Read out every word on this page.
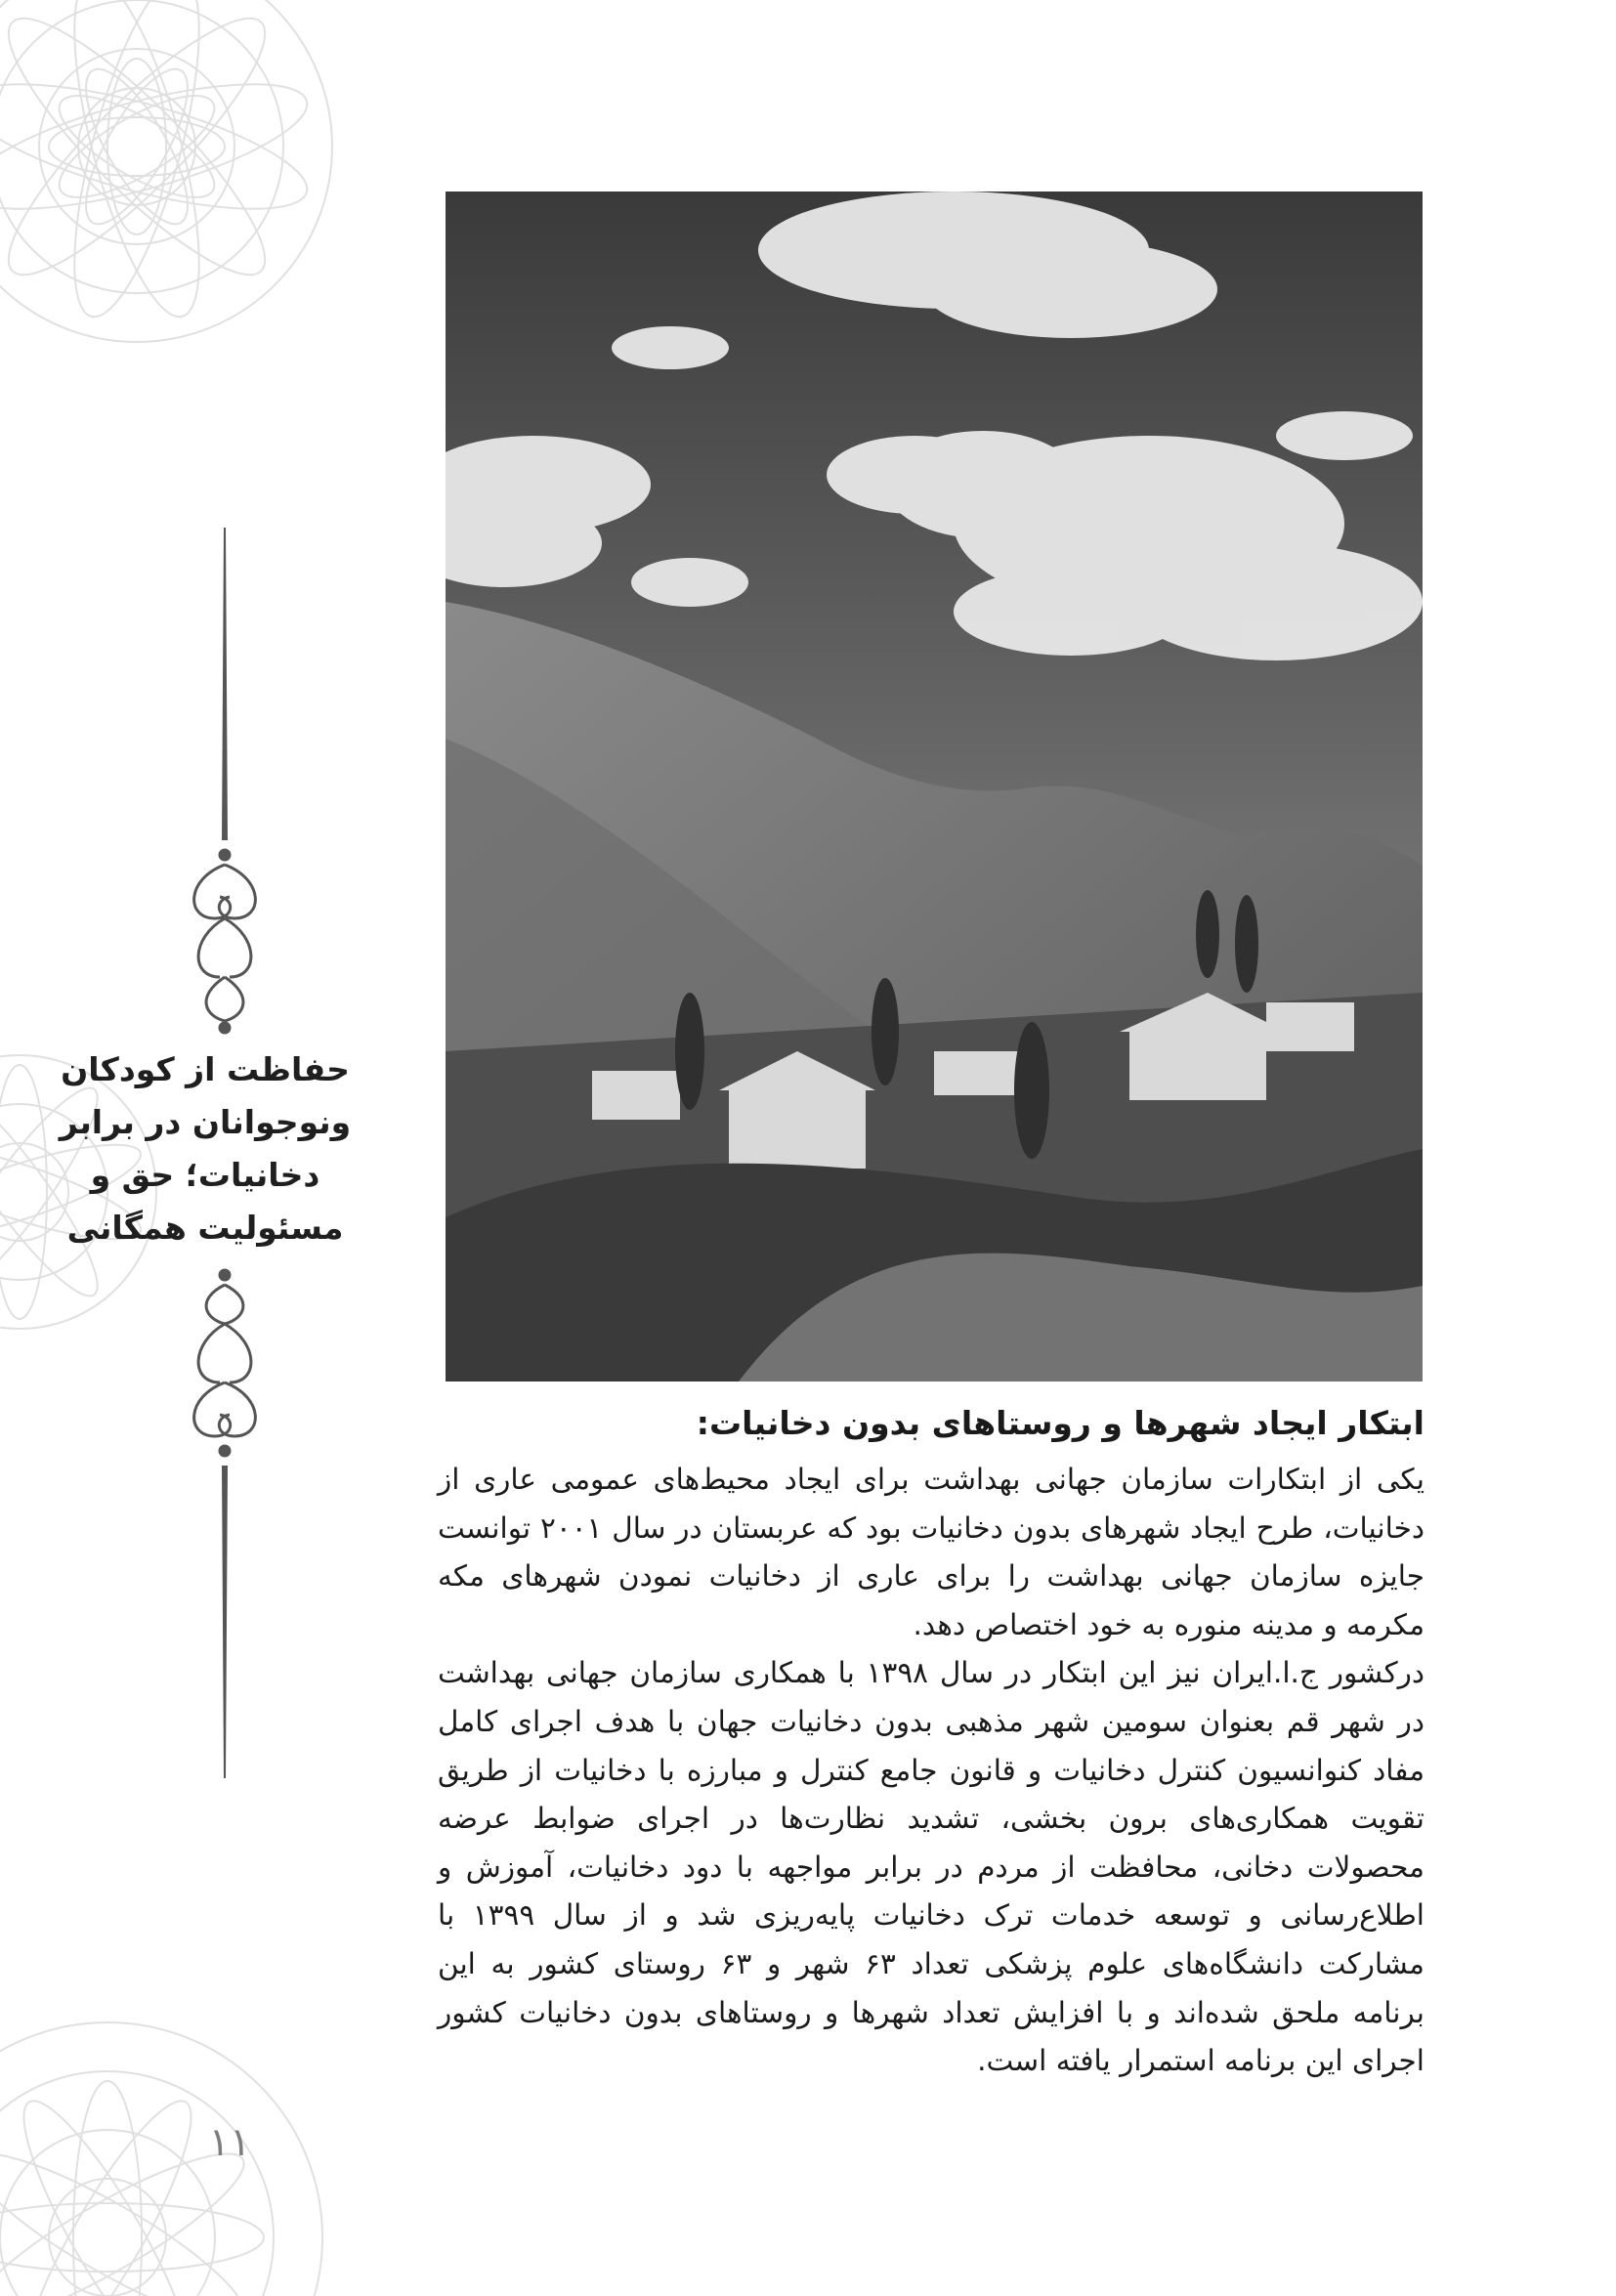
حفاظت از کودکان
ونوجوانان در برابر
دخانیات؛ حق و
مسئولیت همگانی
ابتکار ایجاد شهرها و روستاهای بدون دخانیات:

یکی از ابتکارات سازمان جهانی بهداشت برای ایجاد محیط‌های عمومی عاری از دخانیات، طرح ایجاد شهرهای بدون دخانیات بود که عربستان در سال ۲۰۰۱ توانست جایزه سازمان جهانی بهداشت را برای عاری از دخانیات نمودن شهرهای مکه مکرمه و مدینه منوره به خود اختصاص دهد.

درکشور ج.ا.ایران نیز این ابتکار در سال ۱۳۹۸ با همکاری سازمان جهانی بهداشت در شهر قم بعنوان سومین شهر مذهبی بدون دخانیات جهان با هدف اجرای کامل مفاد کنوانسیون کنترل دخانیات و قانون جامع کنترل و مبارزه با دخانیات از طریق تقویت همکاری‌های برون بخشی، تشدید نظارت‌ها در اجرای ضوابط عرضه محصولات دخانی، محافظت از مردم در برابر مواجهه با دود دخانیات، آموزش و اطلاع‌رسانی و توسعه خدمات ترک دخانیات پایه‌ریزی شد و از سال ۱۳۹۹ با مشارکت دانشگاه‌های علوم پزشکی تعداد ۶۳ شهر و ۶۳ روستای کشور به این برنامه ملحق شده‌اند و با افزایش تعداد شهرها و روستاهای بدون دخانیات کشور اجرای این برنامه استمرار یافته است.

۱۱
